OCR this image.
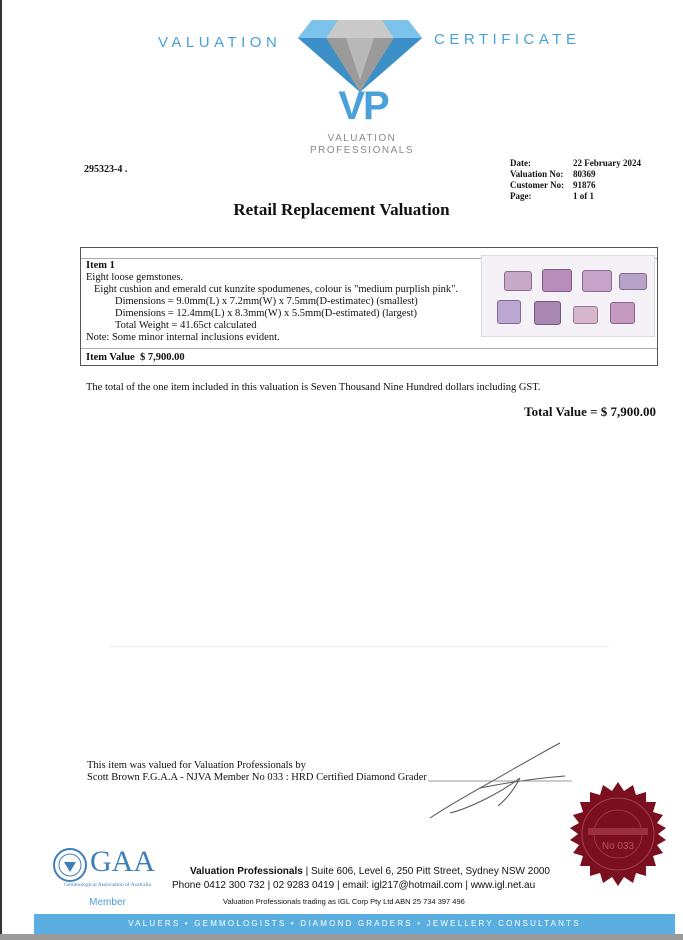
VALUATION	CERTIFICATE
VP
VALUATION
PROFESSIONALS
295323-4 .
Date:	22 February 2024
Valuation No:	80369
Customer No: 91876
Page:	1 of 1
Retail Replacement Valuation
Item 1
Eight loose gemstones.
Eight cushion and emerald cut kunzite spodumenes, colour is "medium purplish pink".
Dimensions = 9.0mm(L) x 7.2mm(W) x 7.5mm(D-estimatec) (smallest)
Dimensions = 12.4mm(L) x 8.3mm(W) x 5.5mm(D-estimated) (largest)
Total Weight = 41.65ct calculated
Note: Some minor internal inclusions evident.
Item Value $ 7,900.00
The total of the one item included in this valuation is Seven Thousand Nine Hundred dollars including GST.
Total Value = $ 7,900.00
This item was valued for Valuation Professionals by
Scott Brown F.G.A.A - NJVA Member No 033 : HRD Certified Diamond Grader
No 033
GAA
Gemmological Association of Australia
Member
Valuation Professionals | Suite 606, Level 6, 250 Pitt Street, Sydney NSW 2000
Phone 0412 300 732 | 02 9283 0419 | email: igl217@hotmail.com | www.igl.net.au
Valuation Professionals trading as IGL Corp Pty Ltd ABN 25 734 397 496
VALUERS • GEMMOLOGISTS • DIAMOND GRADERS • JEWELLERY CONSULTANTS
